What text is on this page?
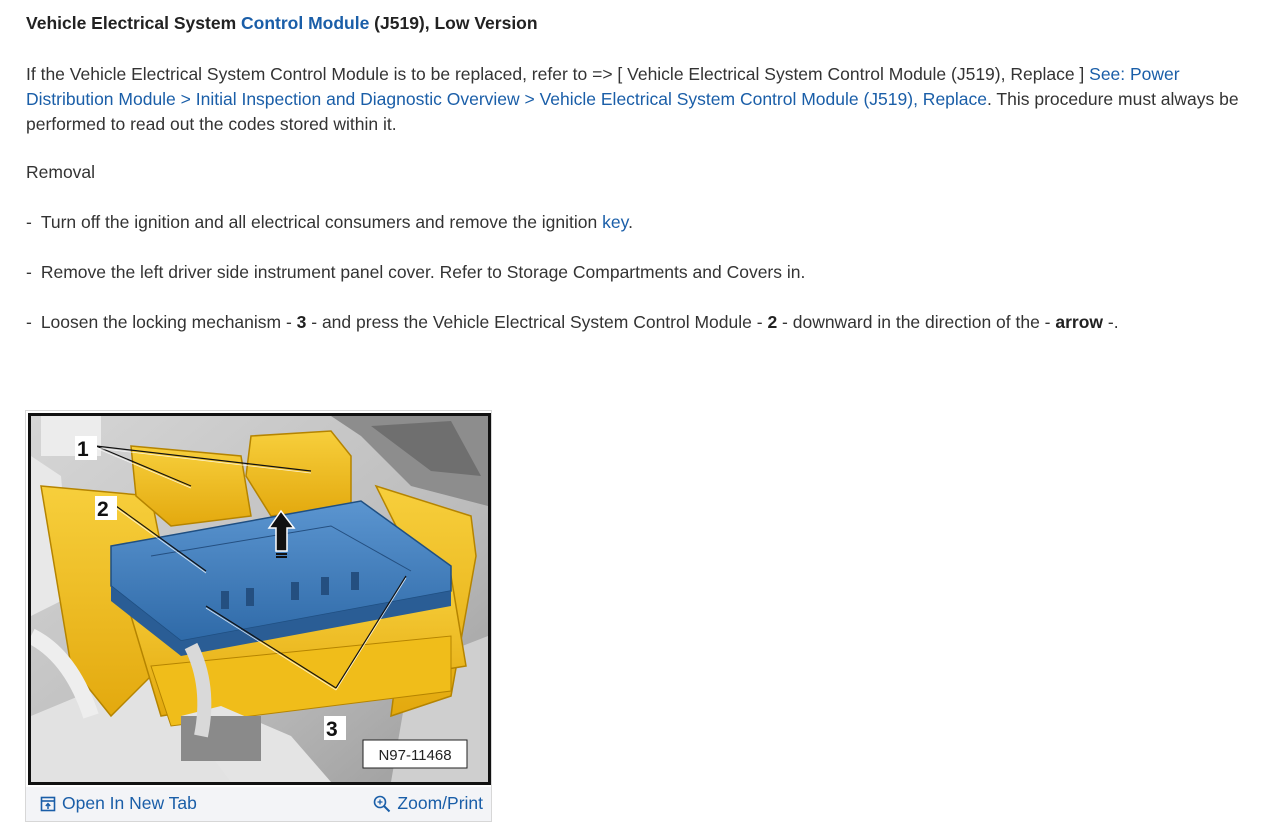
Vehicle Electrical System Control Module (J519), Low Version
If the Vehicle Electrical System Control Module is to be replaced, refer to => [ Vehicle Electrical System Control Module (J519), Replace ] See: Power Distribution Module > Initial Inspection and Diagnostic Overview > Vehicle Electrical System Control Module (J519), Replace. This procedure must always be performed to read out the codes stored within it.
Removal
- Turn off the ignition and all electrical consumers and remove the ignition key.
- Remove the left driver side instrument panel cover. Refer to Storage Compartments and Covers in.
- Loosen the locking mechanism - 3 - and press the Vehicle Electrical System Control Module - 2 - downward in the direction of the - arrow -.
1
2
3
N97-11468
Open In New Tab	Zoom/Print
